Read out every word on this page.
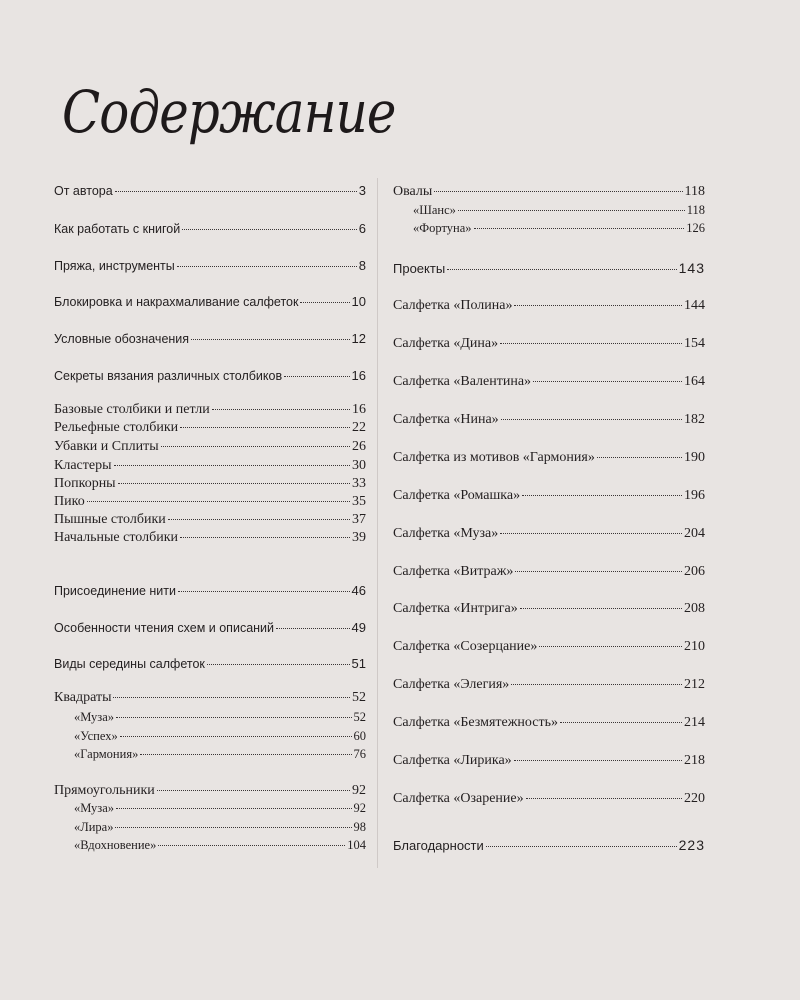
Содержание
От автора	3
Как работать с книгой	6
Пряжа, инструменты	8
Блокировка и накрахмаливание салфеток	10
Условные обозначения	12
Секреты вязания различных столбиков	16
Базовые столбики и петли	16
Рельефные столбики	22
Убавки и Сплиты	26
Кластеры	30
Попкорны	33
Пико	35
Пышные столбики	37
Начальные столбики	39
Присоединение нити	46
Особенности чтения схем и описаний	49
Виды середины салфеток	51
Квадраты	52
«Муза»	52
«Успех»	60
«Гармония»	76
Прямоугольники	92
«Муза»	92
«Лира»	98
«Вдохновение»	104
Овалы	118
«Шанс»	118
«Фортуна»	126
Проекты	143
Салфетка «Полина»	144
Салфетка «Дина»	154
Салфетка «Валентина»	164
Салфетка «Нина»	182
Салфетка из мотивов «Гармония»	190
Салфетка «Ромашка»	196
Салфетка «Муза»	204
Салфетка «Витраж»	206
Салфетка «Интрига»	208
Салфетка «Созерцание»	210
Салфетка «Элегия»	212
Салфетка «Безмятежность»	214
Салфетка «Лирика»	218
Салфетка «Озарение»	220
Благодарности	223
